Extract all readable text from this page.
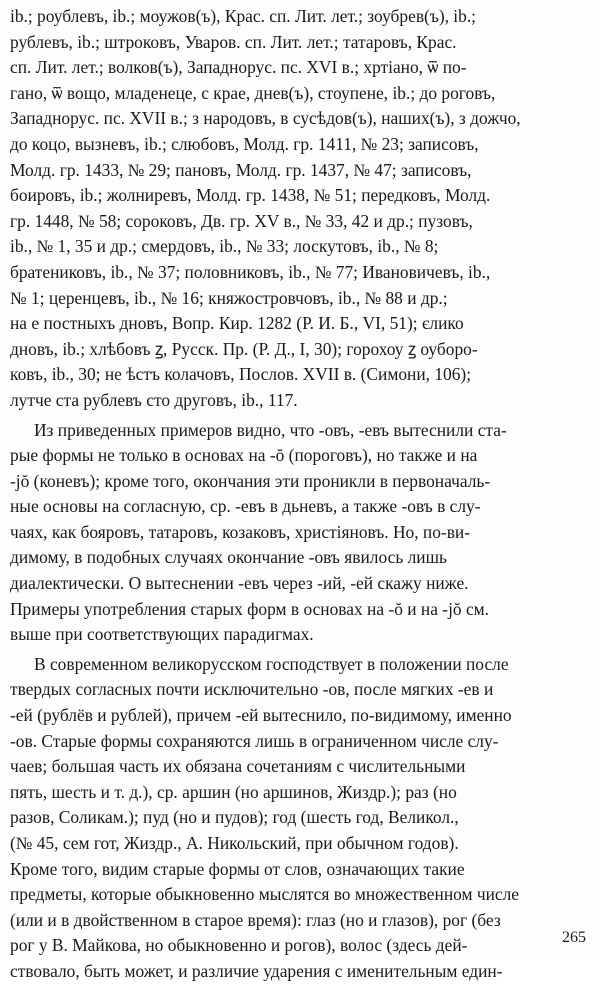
ib.; роублевъ, ib.; моужов(ъ), Крас. сп. Лит. лет.; зоубрев(ъ), ib.;
рублевъ, ib.; штроковъ, Уваров. сп. Лит. лет.; татаровъ, Крас.
сп. Лит. лет.; волков(ъ), Западнорус. пс. XVI в.; хртіано, ѿ по-
гано, ѿ вощо, младенеце, с крае, днев(ъ), стоупене, ib.; до роговъ,
Западнорус. пс. XVII в.; з народовъ, в сусѣдов(ъ), наших(ъ), з дожчо,
до коцо, вызневъ, ib.; слюбовъ, Молд. гр. 1411, № 23; записовъ,
Молд. гр. 1433, № 29; пановъ, Молд. гр. 1437, № 47; записовъ,
боировъ, ib.; жолниревъ, Молд. гр. 1438, № 51; передковъ, Молд.
гр. 1448, № 58; сороковъ, Дв. гр. XV в., № 33, 42 и др.; пузовъ,
ib., № 1, 35 и др.; смердовъ, ib., № 33; лоскутовъ, ib., № 8;
братениковъ, ib., № 37; половниковъ, ib., № 77; Ивановичевъ, ib.,
№ 1; церенцевъ, ib., № 16; княжостровчовъ, ib., № 88 и др.;
на е постныхъ дновъ, Вопр. Кир. 1282 (Р. И. Б., VI, 51); єлико
дновъ, ib.; хлѣбовъ ꙁ, Русск. Пр. (Р. Д., I, 30); горохоу ꙁ оуборо-
ковъ, ib., 30; не ѣстъ колачовъ, Послов. XVII в. (Симони, 106);
лутче ста рублевъ сто друговъ, ib., 117.
Из приведенных примеров видно, что -овъ, -евъ вытеснили ста-
рые формы не только в основах на -ŏ (пороговъ), но также и на
-jŏ (коневъ); кроме того, окончания эти проникли в первоначаль-
ные основы на согласную, ср. -евъ в дьневъ, а также -овъ в слу-
чаях, как бояровъ, татаровъ, козаковъ, христіяновъ. Но, по-ви-
димому, в подобных случаях окончание -овъ явилось лишь
диалектически. О вытеснении -евъ через -ий, -ей скажу ниже.
Примеры употребления старых форм в основах на -ŏ и на -jŏ см.
выше при соответствующих парадигмах.
В современном великорусском господствует в положении после
твердых согласных почти исключительно -ов, после мягких -ев и
-ей (рублёв и рублей), причем -ей вытеснило, по-видимому, именно
-ов. Старые формы сохраняются лишь в ограниченном числе слу-
чаев; большая часть их обязана сочетаниям с числительными
пять, шесть и т. д.), ср. аршин (но аршинов, Жиздр.); раз (но
разов, Соликам.); пуд (но и пудов); год (шесть год, Великол.,
(№ 45, сем гот, Жиздр., А. Никольский, при обычном годов).
Кроме того, видим старые формы от слов, означающих такие
предметы, которые обыкновенно мыслятся во множественном числе
(или и в двойственном в старое время): глаз (но и глазов), рог (без
рог у В. Майкова, но обыкновенно и рогов), волос (здесь дей-
ствовало, быть может, и различие ударения с именительным един-
265
